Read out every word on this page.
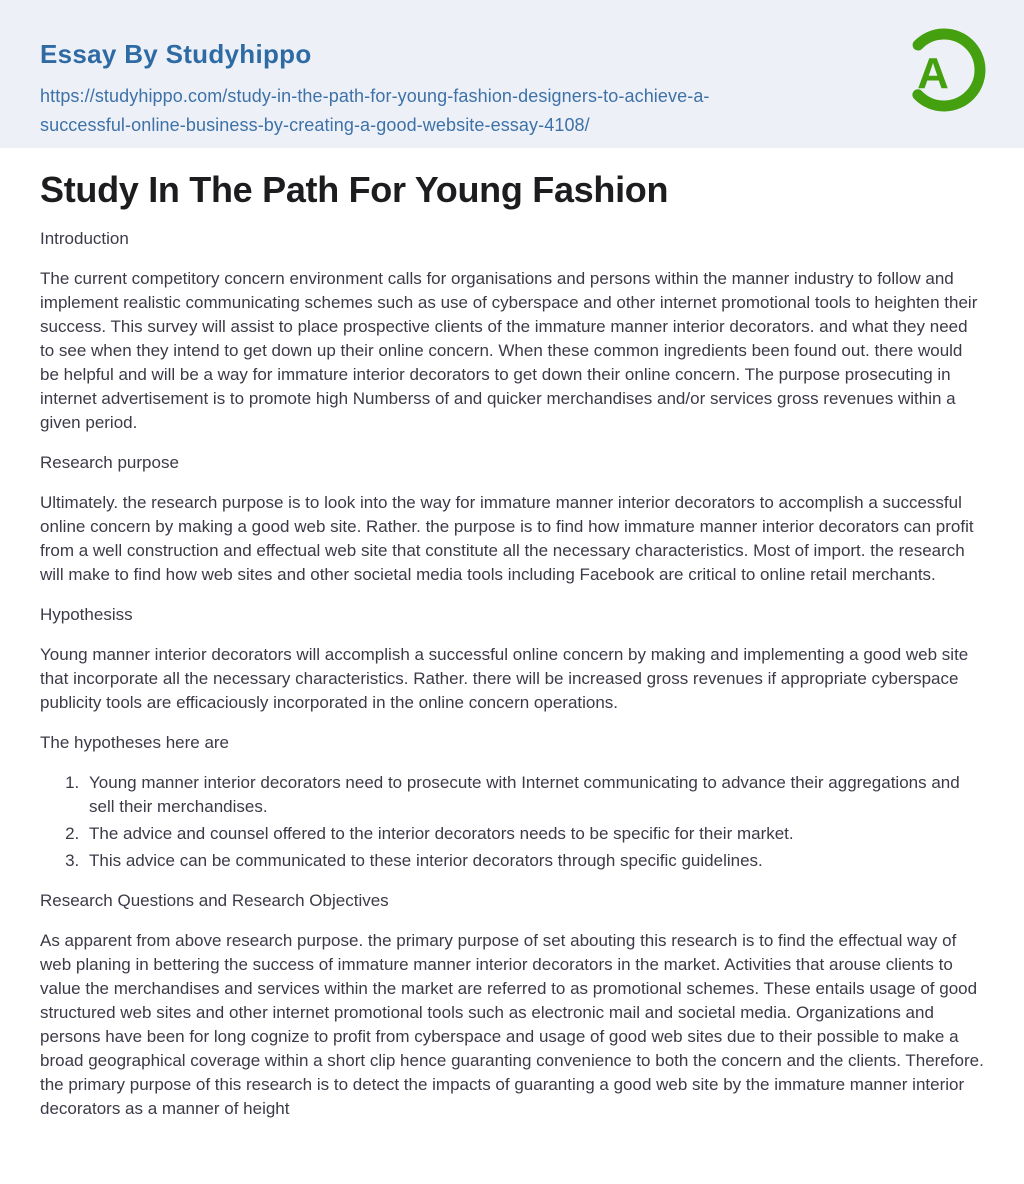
Essay By Studyhippo
https://studyhippo.com/study-in-the-path-for-young-fashion-designers-to-achieve-a-
successful-online-business-by-creating-a-good-website-essay-4108/
A
Study In The Path For Young Fashion
Introduction

The current competitory concern environment calls for organisations and persons within the manner industry to follow and implement realistic communicating schemes such as use of cyberspace and other internet promotional tools to heighten their success. This survey will assist to place prospective clients of the immature manner interior decorators. and what they need to see when they intend to get down up their online concern. When these common ingredients been found out. there would be helpful and will be a way for immature interior decorators to get down their online concern. The purpose prosecuting in internet advertisement is to promote high Numberss of and quicker merchandises and/or services gross revenues within a given period.

Research purpose

Ultimately. the research purpose is to look into the way for immature manner interior decorators to accomplish a successful online concern by making a good web site. Rather. the purpose is to find how immature manner interior decorators can profit from a well construction and effectual web site that constitute all the necessary characteristics. Most of import. the research will make to find how web sites and other societal media tools including Facebook are critical to online retail merchants.

Hypothesiss

Young manner interior decorators will accomplish a successful online concern by making and implementing a good web site that incorporate all the necessary characteristics. Rather. there will be increased gross revenues if appropriate cyberspace publicity tools are efficaciously incorporated in the online concern operations.

The hypotheses here are
1. Young manner interior decorators need to prosecute with Internet communicating to advance their aggregations and sell their merchandises.
2. The advice and counsel offered to the interior decorators needs to be specific for their market.
3. This advice can be communicated to these interior decorators through specific guidelines.
Research Questions and Research Objectives

As apparent from above research purpose. the primary purpose of set abouting this research is to find the effectual way of web planing in bettering the success of immature manner interior decorators in the market. Activities that arouse clients to value the merchandises and services within the market are referred to as promotional schemes. These entails usage of good structured web sites and other internet promotional tools such as electronic mail and societal media. Organizations and persons have been for long cognize to profit from cyberspace and usage of good web sites due to their possible to make a broad geographical coverage within a short clip hence guaranting convenience to both the concern and the clients. Therefore. the primary purpose of this research is to detect the impacts of guaranting a good web site by the immature manner interior decorators as a manner of height
